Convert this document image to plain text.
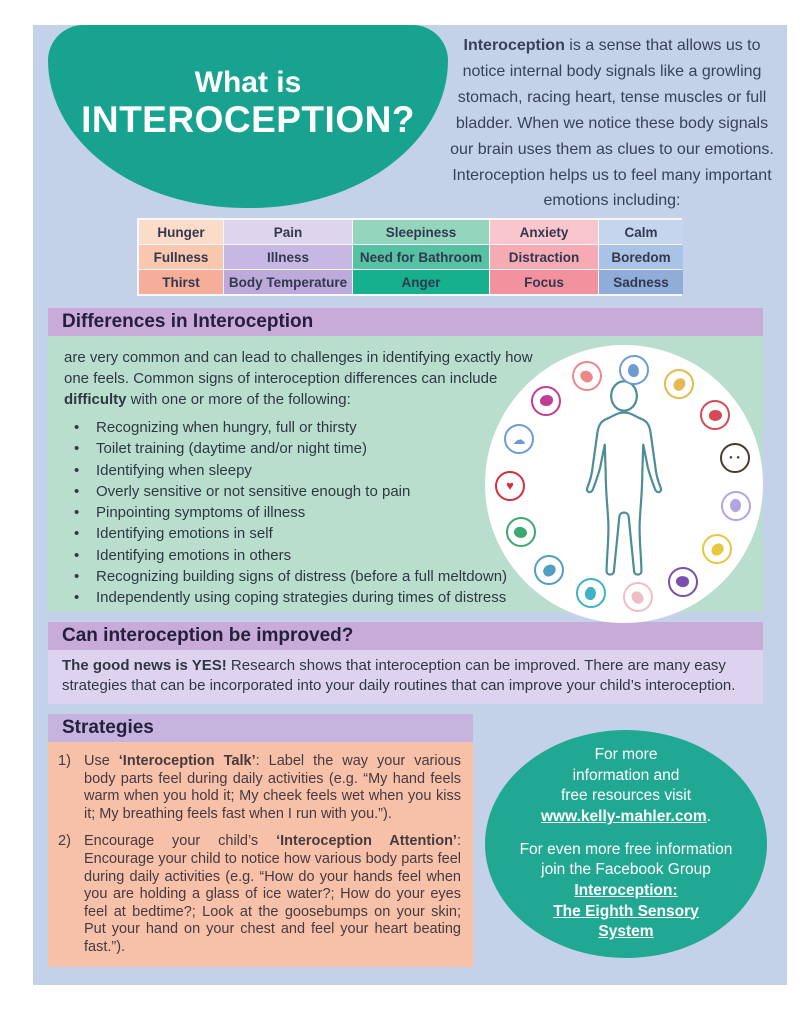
What is
INTEROCEPTION?
Interoception is a sense that allows us to notice internal body signals like a growling stomach, racing heart, tense muscles or full bladder. When we notice these body signals our brain uses them as clues to our emotions. Interoception helps us to feel many important emotions including:
Hunger	Pain	Sleepiness	Anxiety	Calm
Fullness	Illness	Need for Bathroom	Distraction	Boredom
Thirst	Body Temperature	Anger	Focus	Sadness
Differences in Interoception
are very common and can lead to challenges in identifying exactly how one feels. Common signs of interoception differences can include difficulty with one or more of the following:
• Recognizing when hungry, full or thirsty
• Toilet training (daytime and/or night time)
• Identifying when sleepy
• Overly sensitive or not sensitive enough to pain
• Pinpointing symptoms of illness
• Identifying emotions in self
• Identifying emotions in others
• Recognizing building signs of distress (before a full meltdown)
• Independently using coping strategies during times of distress
● ●
♥
☁
Can interoception be improved?
The good news is YES! Research shows that interoception can be improved. There are many easy strategies that can be incorporated into your daily routines that can improve your child’s interoception.
Strategies
1) Use ‘Interoception Talk’: Label the way your various body parts feel during daily activities (e.g. “My hand feels warm when you hold it; My cheek feels wet when you kiss it; My breathing feels fast when I run with you.”).
2) Encourage your child’s ‘Interoception Attention’: Encourage your child to notice how various body parts feel during daily activities (e.g. “How do your hands feel when you are holding a glass of ice water?; How do your eyes feel at bedtime?; Look at the goosebumps on your skin; Put your hand on your chest and feel your heart beating fast.”).
For more
information and
free resources visit
www.kelly-mahler.com.
For even more free information
join the Facebook Group
Interoception:
The Eighth Sensory
System
